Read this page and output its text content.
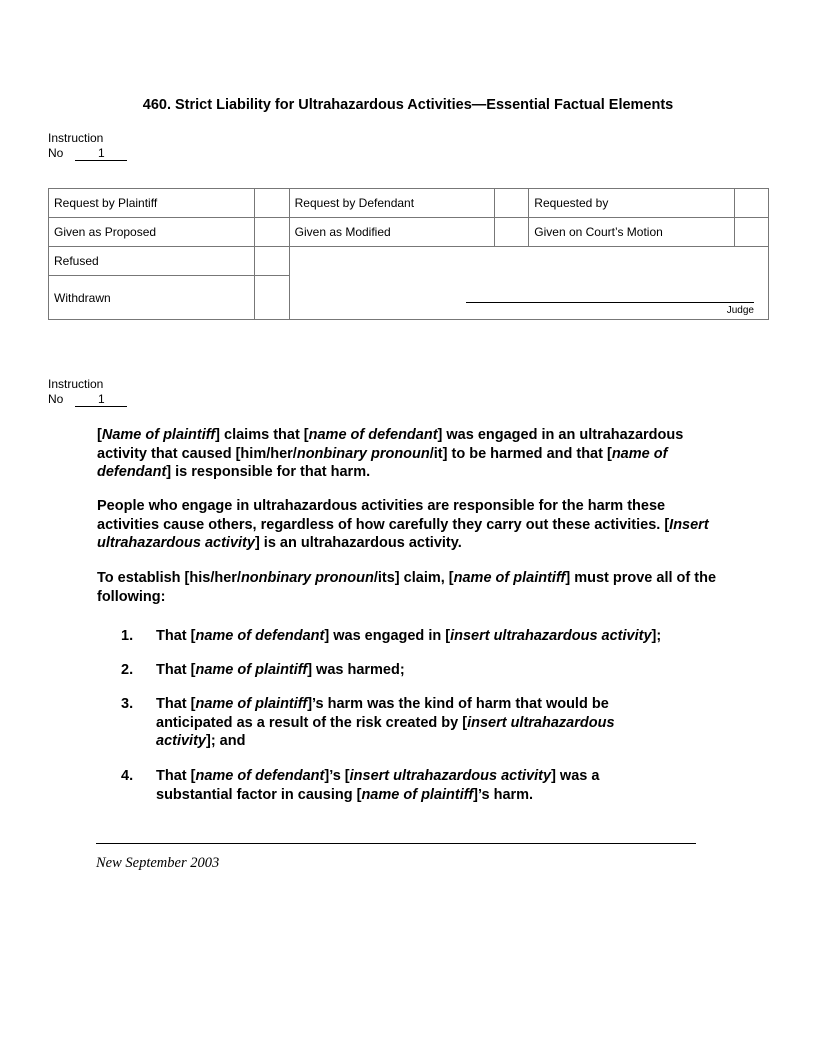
460. Strict Liability for Ultrahazardous Activities—Essential Factual Elements
Instruction
No	1
Request by Plaintiff		Request by Defendant		Requested by	
Given as Proposed		Given as Modified		Given on Court’s Motion	
Refused		Judge			

Withdrawn					
Instruction
No	1

[Name of plaintiff] claims that [name of defendant] was engaged in an ultrahazardous activity that caused [him/her/nonbinary pronoun/it] to be harmed and that [name of defendant] is responsible for that harm.

People who engage in ultrahazardous activities are responsible for the harm these activities cause others, regardless of how carefully they carry out these activities. [Insert ultrahazardous activity] is an ultrahazardous activity.

To establish [his/her/nonbinary pronoun/its] claim, [name of plaintiff] must prove all of the following:

1. That [name of defendant] was engaged in [insert ultrahazardous activity];
2. That [name of plaintiff] was harmed;
3. That [name of plaintiff]’s harm was the kind of harm that would be anticipated as a result of the risk created by [insert ultrahazardous activity]; and
4. That [name of defendant]’s [insert ultrahazardous activity] was a substantial factor in causing [name of plaintiff]’s harm.
New September 2003
